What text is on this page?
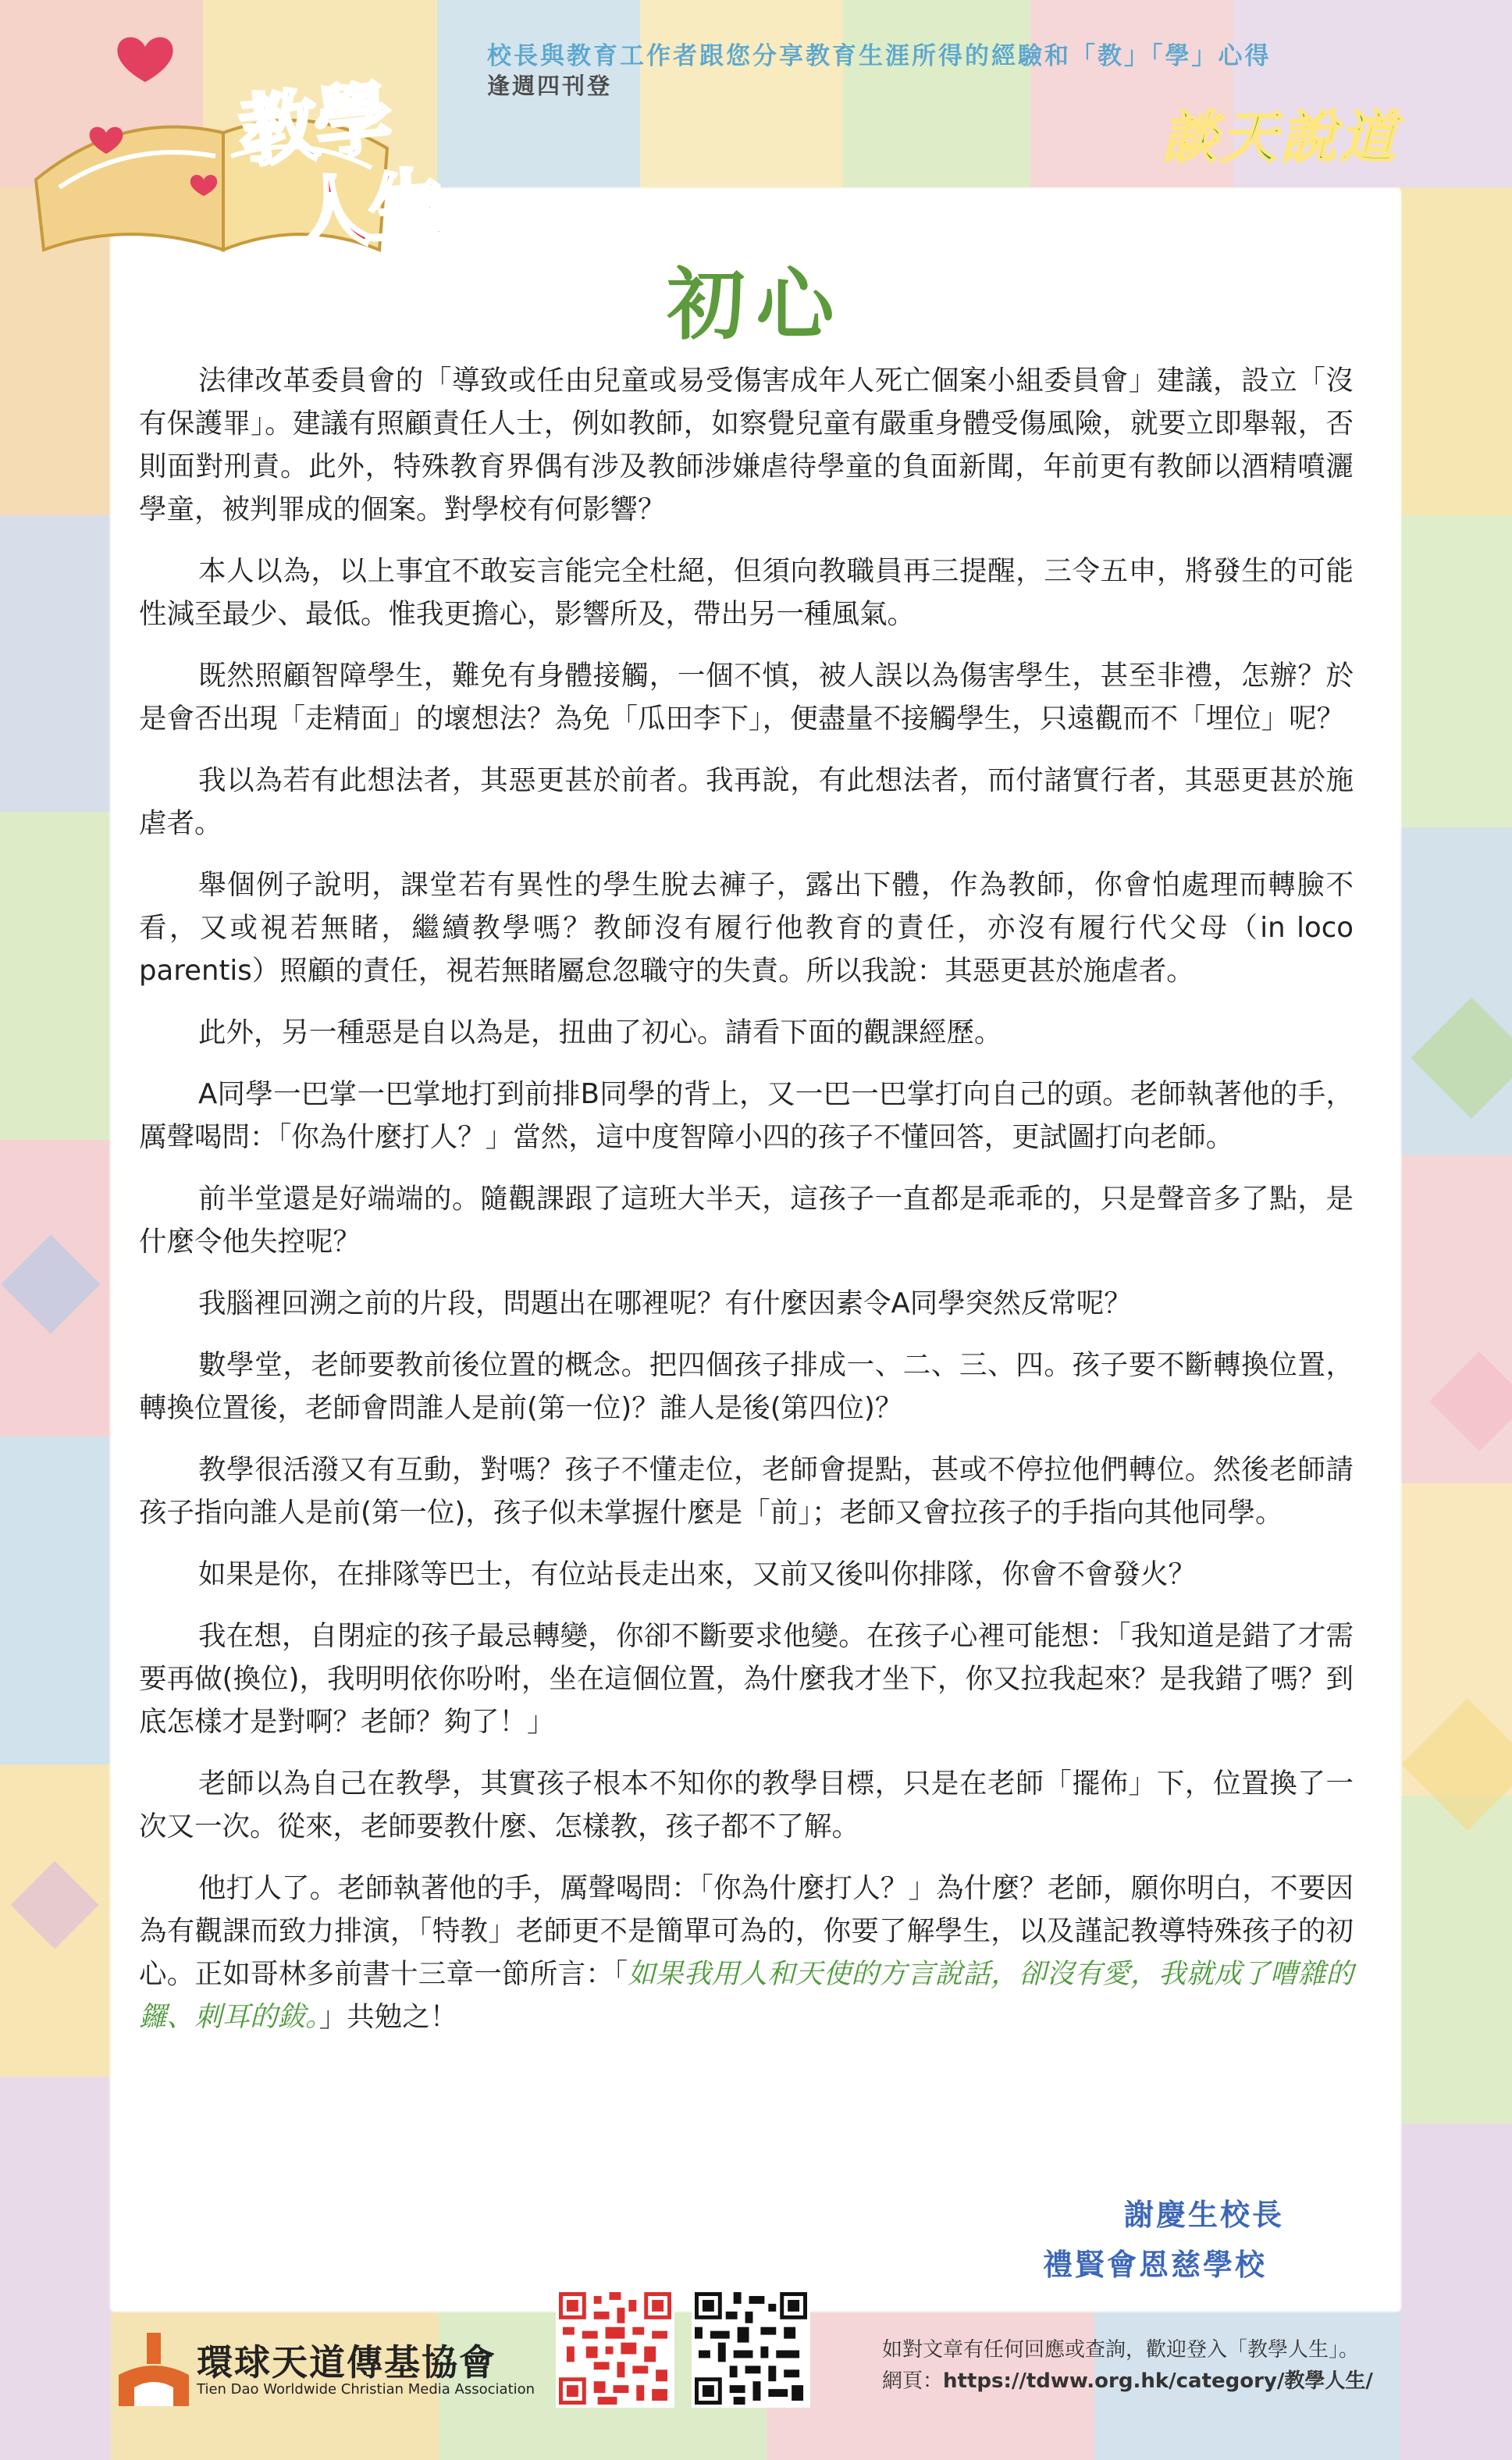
校長與教育工作者跟您分享教育生涯所得的經驗和「教」「學」心得
逢週四刊登
教學
人生
談天說道
初心

法律改革委員會的「導致或任由兒童或易受傷害成年人死亡個案小組委員會」建議，設立「沒有保護罪」。建議有照顧責任人士，例如教師，如察覺兒童有嚴重身體受傷風險，就要立即舉報，否則面對刑責。此外，特殊教育界偶有涉及教師涉嫌虐待學童的負面新聞，年前更有教師以酒精噴灑學童，被判罪成的個案。對學校有何影響？

本人以為，以上事宜不敢妄言能完全杜絕，但須向教職員再三提醒，三令五申，將發生的可能性減至最少、最低。惟我更擔心，影響所及，帶出另一種風氣。

既然照顧智障學生，難免有身體接觸，一個不慎，被人誤以為傷害學生，甚至非禮，怎辦？於是會否出現「走精面」的壞想法？為免「瓜田李下」，便盡量不接觸學生，只遠觀而不「埋位」呢？

我以為若有此想法者，其惡更甚於前者。我再說，有此想法者，而付諸實行者，其惡更甚於施虐者。

舉個例子說明，課堂若有異性的學生脫去褲子，露出下體，作為教師，你會怕處理而轉臉不看，又或視若無睹，繼續教學嗎？教師沒有履行他教育的責任，亦沒有履行代父母（in loco parentis）照顧的責任，視若無睹屬怠忽職守的失責。所以我說：其惡更甚於施虐者。

此外，另一種惡是自以為是，扭曲了初心。請看下面的觀課經歷。

A同學一巴掌一巴掌地打到前排B同學的背上，又一巴一巴掌打向自己的頭。老師執著他的手，厲聲喝問：「你為什麼打人？」當然，這中度智障小四的孩子不懂回答，更試圖打向老師。

前半堂還是好端端的。隨觀課跟了這班大半天，這孩子一直都是乖乖的，只是聲音多了點，是什麼令他失控呢？

我腦裡回溯之前的片段，問題出在哪裡呢？有什麼因素令A同學突然反常呢？

數學堂，老師要教前後位置的概念。把四個孩子排成一、二、三、四。孩子要不斷轉換位置，轉換位置後，老師會問誰人是前(第一位)？誰人是後(第四位)？

教學很活潑又有互動，對嗎？孩子不懂走位，老師會提點，甚或不停拉他們轉位。然後老師請孩子指向誰人是前(第一位)，孩子似未掌握什麼是「前」；老師又會拉孩子的手指向其他同學。

如果是你，在排隊等巴士，有位站長走出來，又前又後叫你排隊，你會不會發火？

我在想，自閉症的孩子最忌轉變，你卻不斷要求他變。在孩子心裡可能想：「我知道是錯了才需要再做(換位)，我明明依你吩咐，坐在這個位置，為什麼我才坐下，你又拉我起來？是我錯了嗎？到底怎樣才是對啊？老師？夠了！」

老師以為自己在教學，其實孩子根本不知你的教學目標，只是在老師「擺佈」下，位置換了一次又一次。從來，老師要教什麼、怎樣教，孩子都不了解。

他打人了。老師執著他的手，厲聲喝問：「你為什麼打人？」為什麼？老師，願你明白，不要因為有觀課而致力排演，「特教」老師更不是簡單可為的，你要了解學生，以及謹記教導特殊孩子的初心。正如哥林多前書十三章一節所言：「如果我用人和天使的方言說話，卻沒有愛，我就成了嘈雜的鑼、刺耳的鈸。」共勉之！

謝慶生校長
禮賢會恩慈學校
環球天道傳基協會
Tien Dao Worldwide Christian Media Association
如對文章有任何回應或查詢，歡迎登入「教學人生」。
網頁：https://tdww.org.hk/category/教學人生/
